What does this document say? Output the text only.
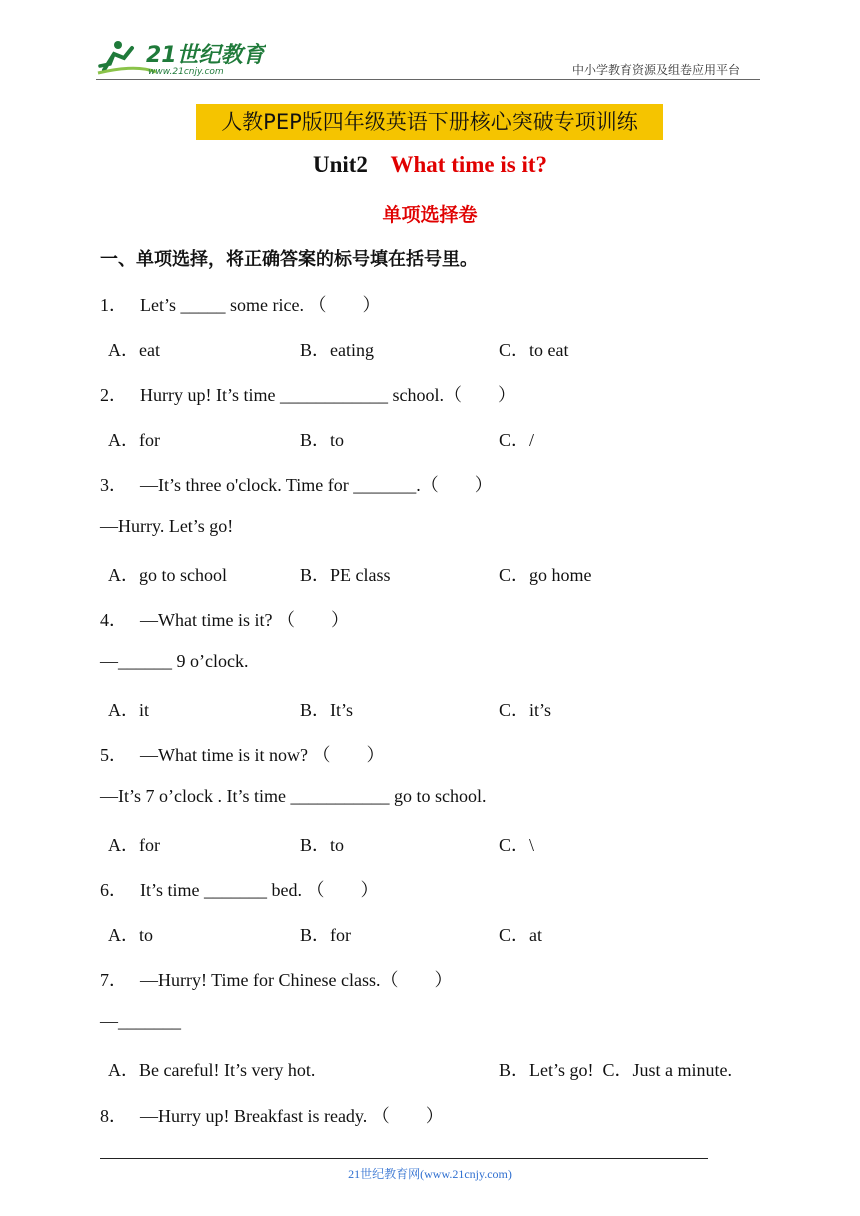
21世纪教育
www.21cnjy.com	中小学教育资源及组卷应用平台
人教PEP版四年级英语下册核心突破专项训练
Unit2 What time is it?
单项选择卷
一、单项选择，将正确答案的标号填在括号里。
1． Let’s _____ some rice. （　　）
A．eat	B．eating	C．to eat
2． Hurry up! It’s time ____________ school.（　　）
A．for	B．to	C．/
3． —It’s three o'clock. Time for _______.（　　）
—Hurry. Let’s go!
A．go to school	B．PE class	C．go home
4． —What time is it? （　　）
—______ 9 o’clock.
A．it	B．It’s	C．it’s
5． —What time is it now? （　　）
—It’s 7 o’clock . It’s time ___________ go to school.
A．for	B．to	C．\
6． It’s time _______ bed. （　　）
A．to	B．for	C．at
7． —Hurry! Time for Chinese class.（　　）
—_______
A．Be careful! It’s very hot.	B．Let’s go! C．Just a minute.
8． —Hurry up! Breakfast is ready. （　　）
21世纪教育网(www.21cnjy.com)
